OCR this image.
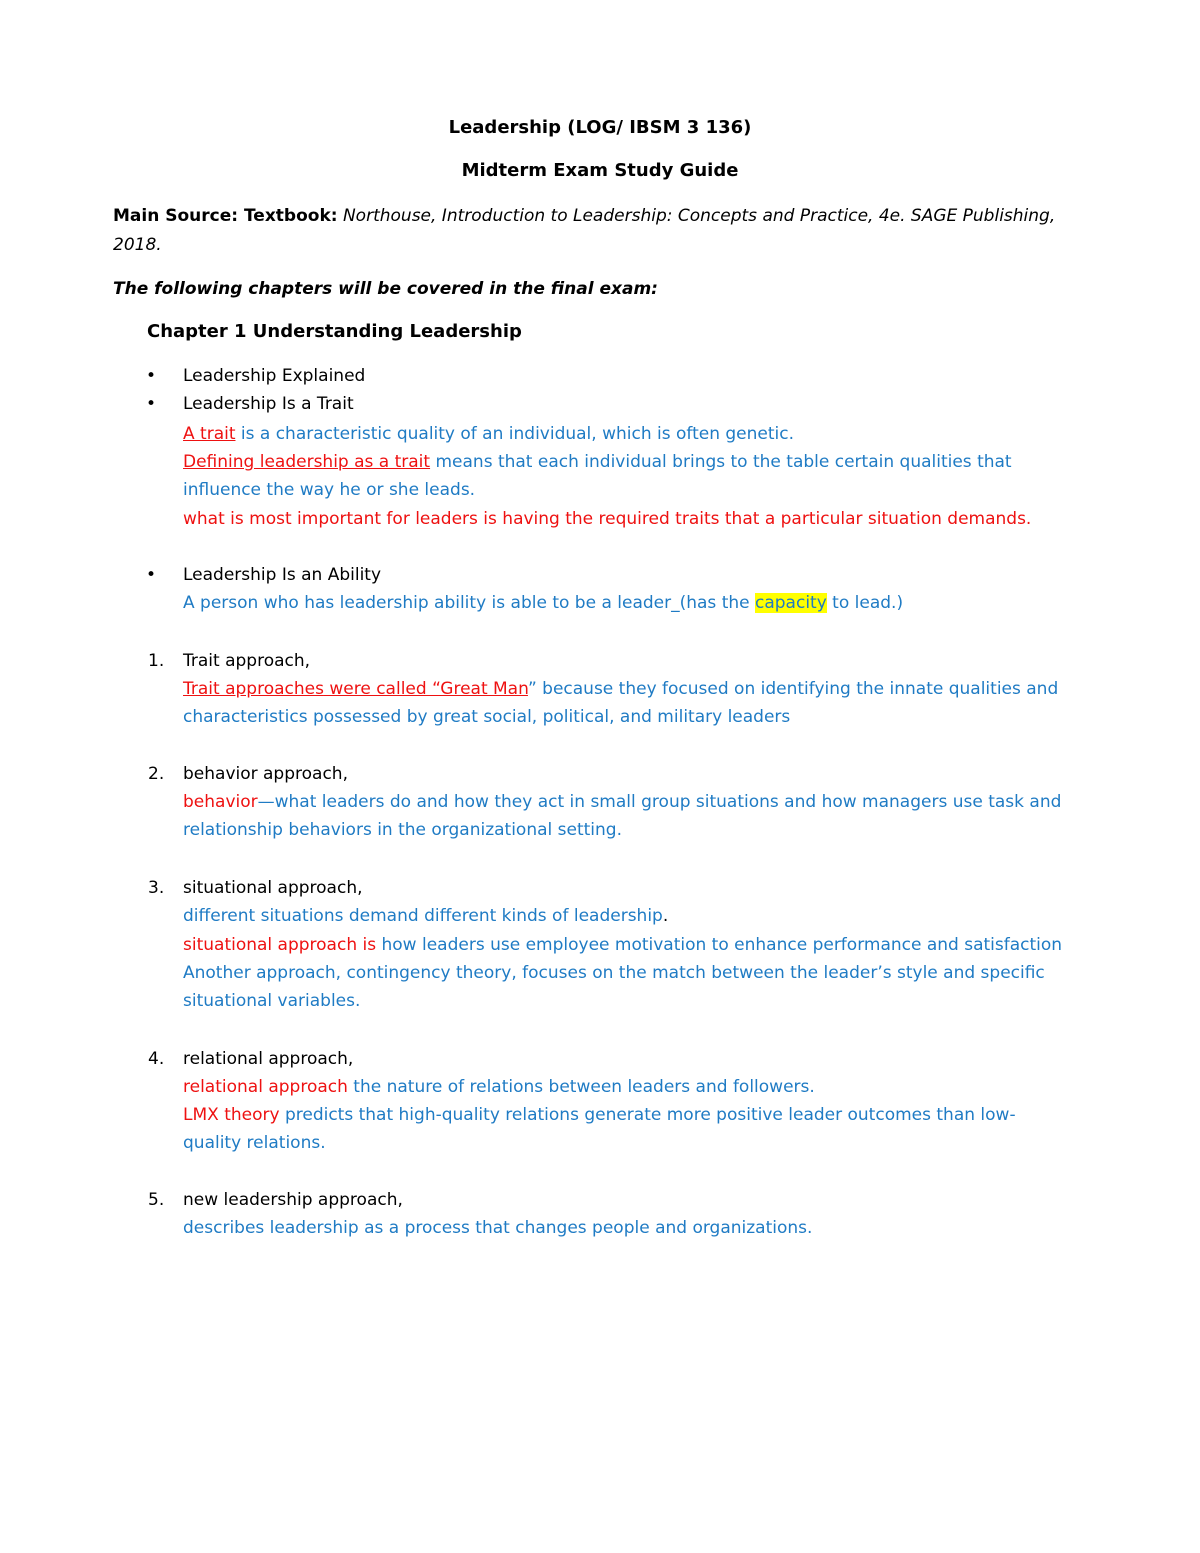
Leadership (LOG/ IBSM 3 136)
Midterm Exam Study Guide
Main Source: Textbook: Northouse, Introduction to Leadership: Concepts and Practice, 4e. SAGE Publishing,
2018.
The following chapters will be covered in the final exam:
Chapter 1 Understanding Leadership
• Leadership Explained
• Leadership Is a Trait
A trait is a characteristic quality of an individual, which is often genetic.
Defining leadership as a trait means that each individual brings to the table certain qualities that
influence the way he or she leads.
what is most important for leaders is having the required traits that a particular situation demands.
• Leadership Is an Ability
A person who has leadership ability is able to be a leader_(has the capacity to lead.)
1. Trait approach,
Trait approaches were called “Great Man” because they focused on identifying the innate qualities and
characteristics possessed by great social, political, and military leaders
2. behavior approach,
behavior—what leaders do and how they act in small group situations and how managers use task and
relationship behaviors in the organizational setting.
3. situational approach,
different situations demand different kinds of leadership.
situational approach is how leaders use employee motivation to enhance performance and satisfaction
Another approach, contingency theory, focuses on the match between the leader’s style and specific
situational variables.
4. relational approach,
relational approach the nature of relations between leaders and followers.
LMX theory predicts that high-quality relations generate more positive leader outcomes than low-
quality relations.
5. new leadership approach,
describes leadership as a process that changes people and organizations.
